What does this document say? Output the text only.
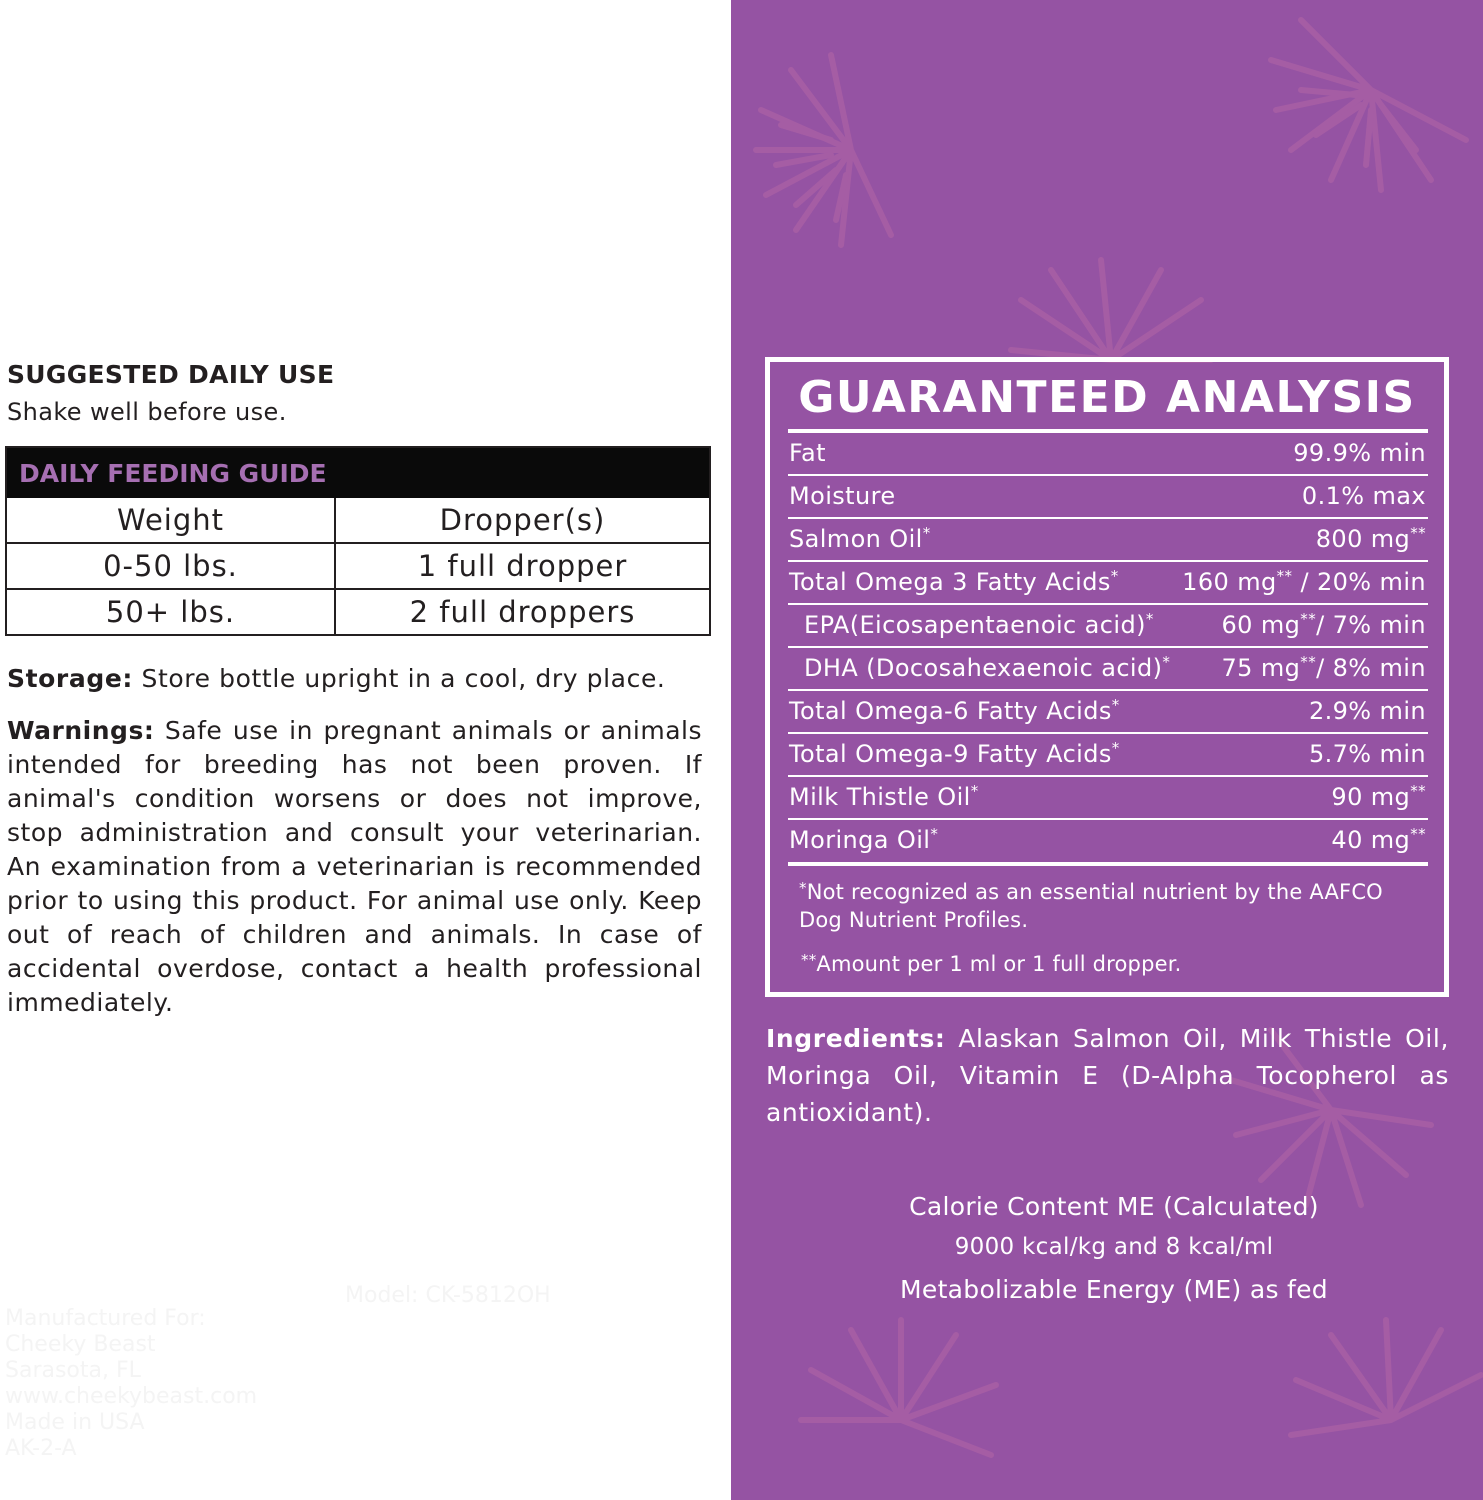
SUGGESTED DAILY USE
Shake well before use.
DAILY FEEDING GUIDE
Weight	Dropper(s)
0-50 lbs.	1 full dropper
50+ lbs.	2 full droppers
Storage: Store bottle upright in a cool, dry place.
Warnings: Safe use in pregnant animals or animals intended for breeding has not been proven. If animal's condition worsens or does not improve, stop administration and consult your veterinarian. An examination from a veterinarian is recommended prior to using this product. For animal use only. Keep out of reach of children and animals. In case of accidental overdose, contact a health professional immediately.
Model: CK-5812OH
Manufactured For:
Cheeky Beast
Sarasota, FL
www.cheekybeast.com
Made in USA
AK-2-A
GUARANTEED ANALYSIS
Fat	99.9% min
Moisture	0.1% max
Salmon Oil*	800 mg**
Total Omega 3 Fatty Acids*	160 mg** / 20% min
EPA(Eicosapentaenoic acid)*	60 mg**/ 7% min
DHA (Docosahexaenoic acid)* 75 mg**/ 8% min
Total Omega-6 Fatty Acids*	2.9% min
Total Omega-9 Fatty Acids*	5.7% min
Milk Thistle Oil*	90 mg**
Moringa Oil*	40 mg**
*Not recognized as an essential nutrient by the AAFCO Dog Nutrient Profiles.
**Amount per 1 ml or 1 full dropper.
Ingredients: Alaskan Salmon Oil, Milk Thistle Oil, Moringa Oil, Vitamin E (D-Alpha Tocopherol as antioxidant).
Calorie Content ME (Calculated)
9000 kcal/kg and 8 kcal/ml
Metabolizable Energy (ME) as fed
